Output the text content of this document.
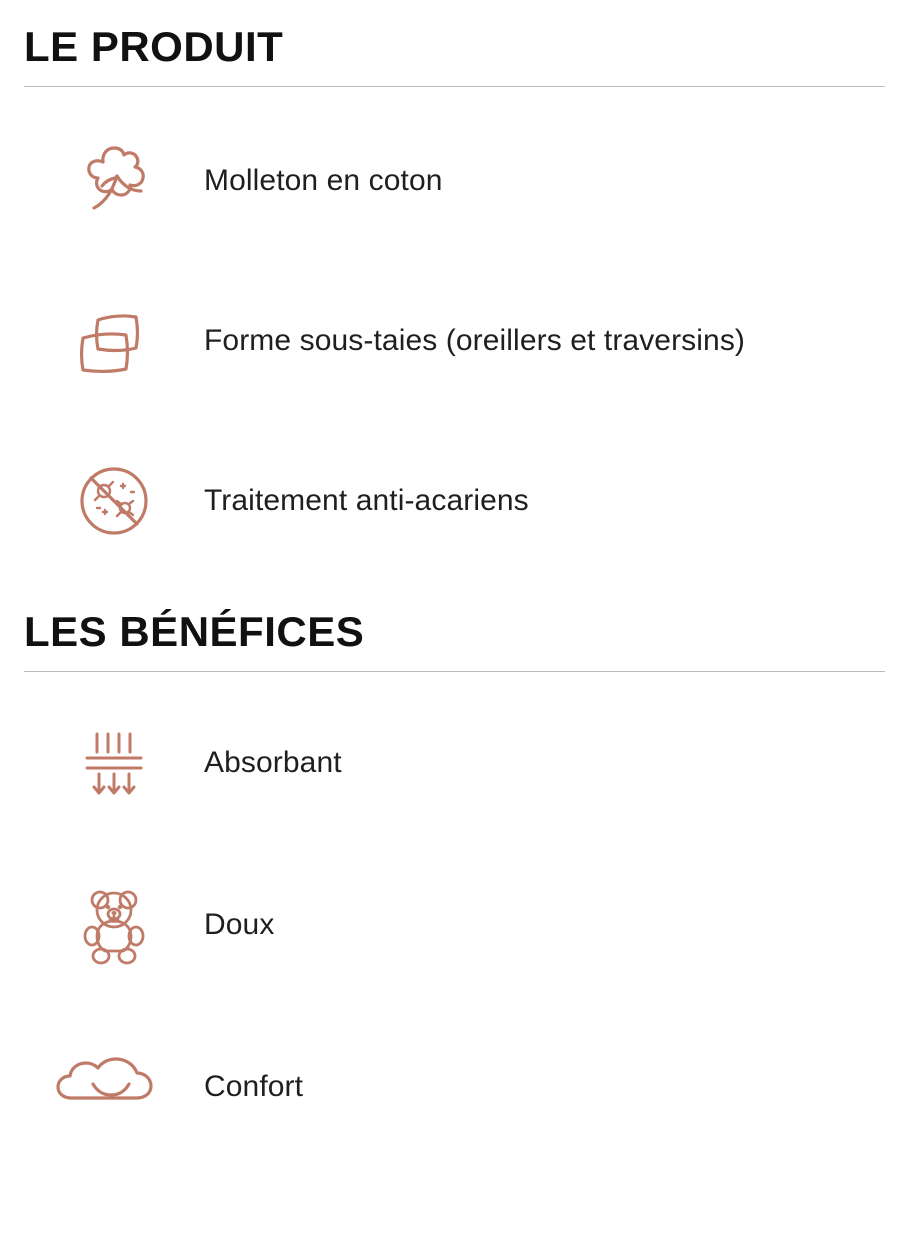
LE PRODUIT
Molleton en coton
Forme sous-taies (oreillers et traversins)
Traitement anti-acariens
LES BÉNÉFICES
Absorbant
Doux
Confort
